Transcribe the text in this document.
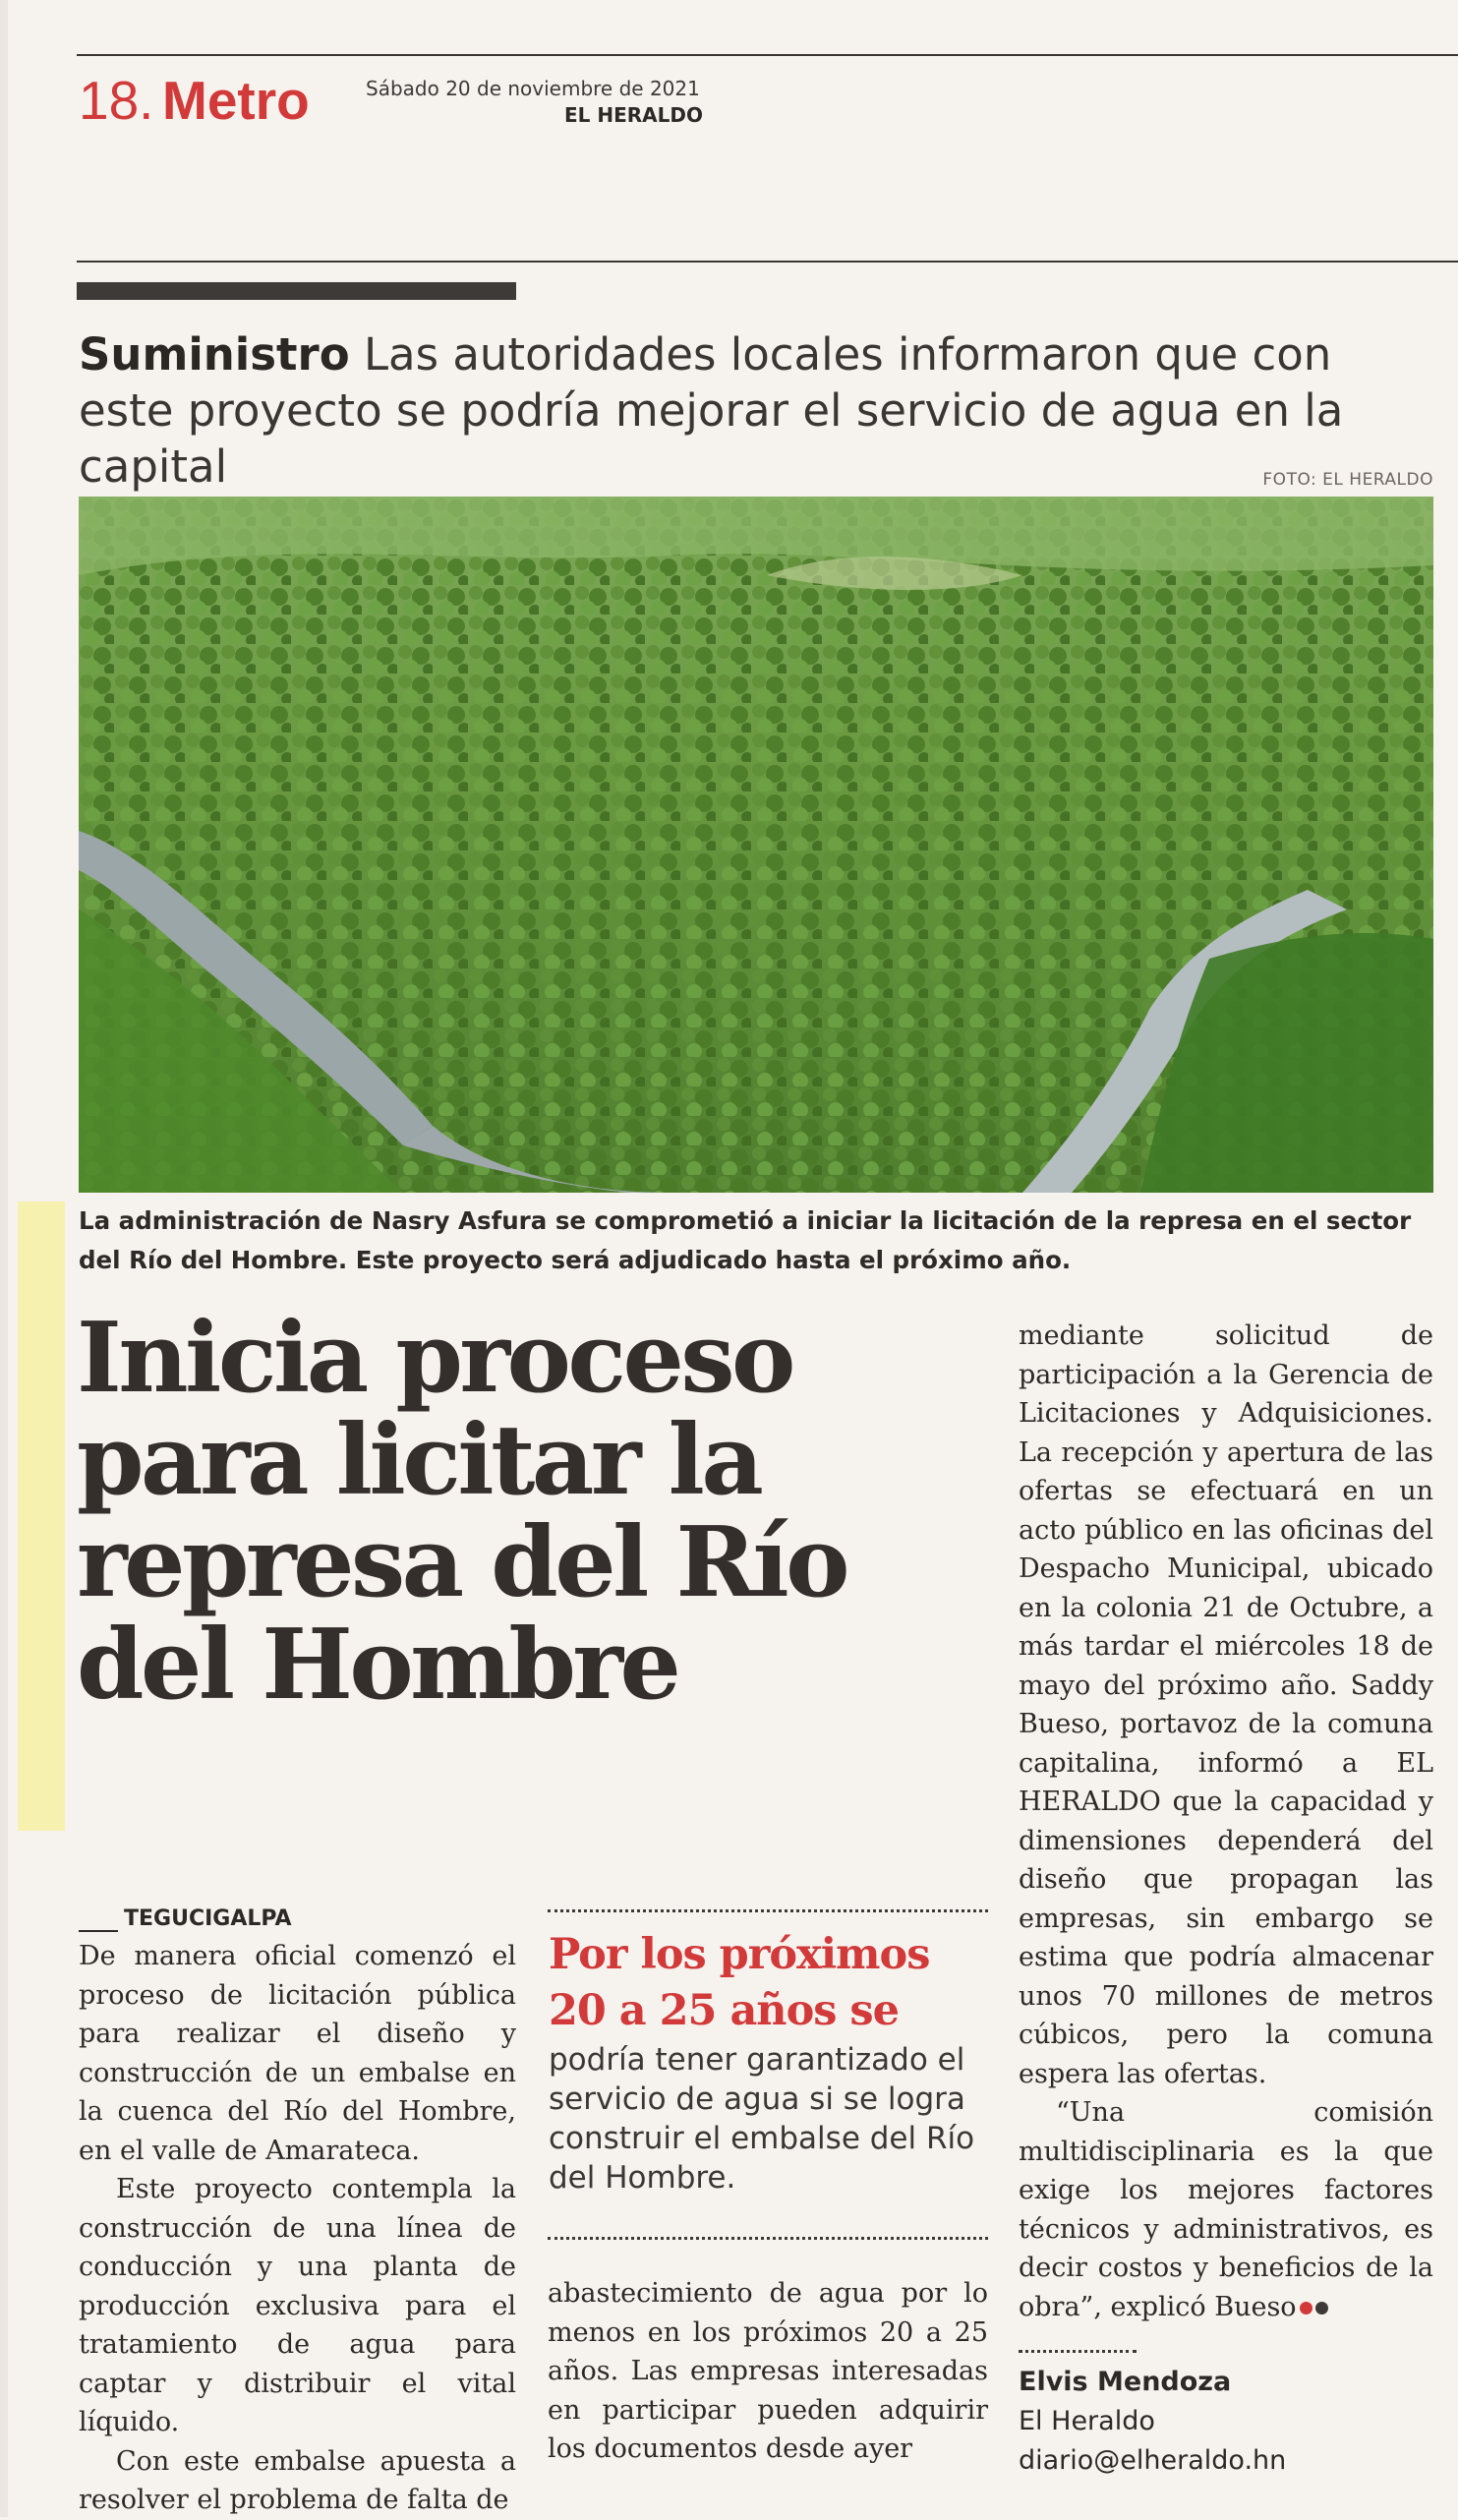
18. Metro	Sábado 20 de noviembre de 2021
EL HERALDO
Suministro Las autoridades locales informaron que con este proyecto se podría mejorar el servicio de agua en la capital	FOTO: EL HERALDO
La administración de Nasry Asfura se comprometió a iniciar la licitación de la represa en el sector del Río del Hombre. Este proyecto será adjudicado hasta el próximo año.
Inicia proceso para licitar la represa del Río del Hombre
TEGUCIGALPA

De manera oficial comenzó el proceso de licitación pública para realizar el diseño y construcción de un embalse en la cuenca del Río del Hombre, en el valle de Amarateca.

Este proyecto contempla la construcción de una línea de conducción y una planta de producción exclusiva para el tratamiento de agua para captar y distribuir el vital líquido.

Con este embalse apuesta a resolver el problema de falta de

Por los próximos 20 a 25 años se
podría tener garantizado el servicio de agua si se logra construir el embalse del Río del Hombre.

abastecimiento de agua por lo menos en los próximos 20 a 25 años. Las empresas interesadas en participar pueden adquirir los documentos desde ayer

mediante solicitud de participación a la Gerencia de Licitaciones y Adquisiciones. La recepción y apertura de las ofertas se efectuará en un acto público en las oficinas del Despacho Municipal, ubicado en la colonia 21 de Octubre, a más tardar el miércoles 18 de mayo del próximo año. Saddy Bueso, portavoz de la comuna capitalina, informó a EL HERALDO que la capacidad y dimensiones dependerá del diseño que propagan las empresas, sin embargo se estima que podría almacenar unos 70 millones de metros cúbicos, pero la comuna espera las ofertas.

“Una comisión multidisciplinaria es la que exige los mejores factores técnicos y administrativos, es decir costos y beneficios de la obra”, explicó Bueso

Elvis Mendoza
El Heraldo
diario@elheraldo.hn
